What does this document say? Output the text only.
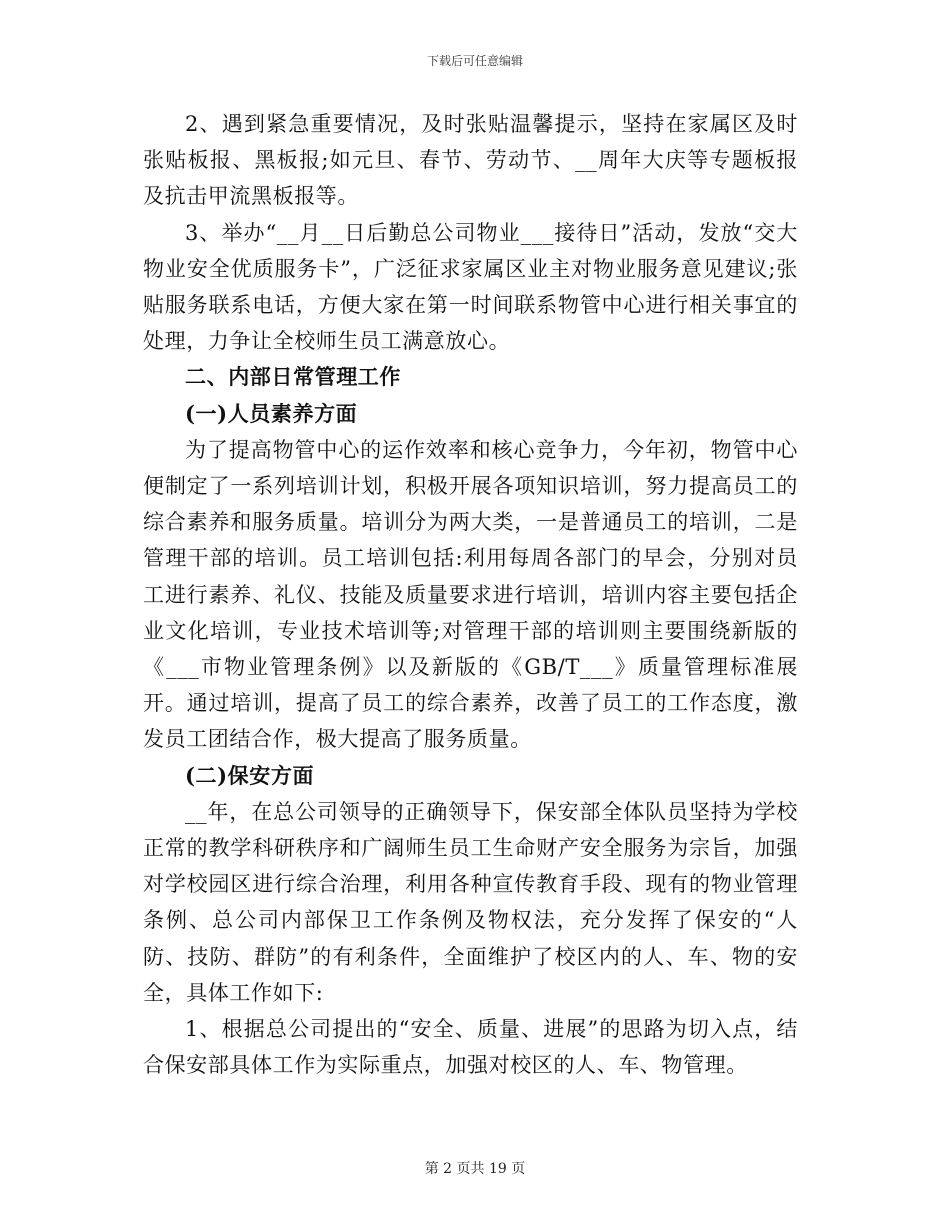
下载后可任意编辑

2、遇到紧急重要情况，及时张贴温馨提示，坚持在家属区及时张贴板报、黑板报;如元旦、春节、劳动节、__周年大庆等专题板报及抗击甲流黑板报等。

3、举办“__月__日后勤总公司物业___接待日”活动，发放“交大物业安全优质服务卡”，广泛征求家属区业主对物业服务意见建议;张贴服务联系电话，方便大家在第一时间联系物管中心进行相关事宜的处理，力争让全校师生员工满意放心。

二、内部日常管理工作

(一)人员素养方面

为了提高物管中心的运作效率和核心竞争力，今年初，物管中心便制定了一系列培训计划，积极开展各项知识培训，努力提高员工的综合素养和服务质量。培训分为两大类，一是普通员工的培训，二是管理干部的培训。员工培训包括:利用每周各部门的早会，分别对员工进行素养、礼仪、技能及质量要求进行培训，培训内容主要包括企业文化培训，专业技术培训等;对管理干部的培训则主要围绕新版的《___市物业管理条例》以及新版的《GB/T___》质量管理标准展开。通过培训，提高了员工的综合素养，改善了员工的工作态度，激发员工团结合作，极大提高了服务质量。

(二)保安方面

__年，在总公司领导的正确领导下，保安部全体队员坚持为学校正常的教学科研秩序和广阔师生员工生命财产安全服务为宗旨，加强对学校园区进行综合治理，利用各种宣传教育手段、现有的物业管理条例、总公司内部保卫工作条例及物权法，充分发挥了保安的“人防、技防、群防”的有利条件，全面维护了校区内的人、车、物的安全，具体工作如下:

1、根据总公司提出的“安全、质量、进展”的思路为切入点，结合保安部具体工作为实际重点，加强对校区的人、车、物管理。

第 2 页共 19 页
